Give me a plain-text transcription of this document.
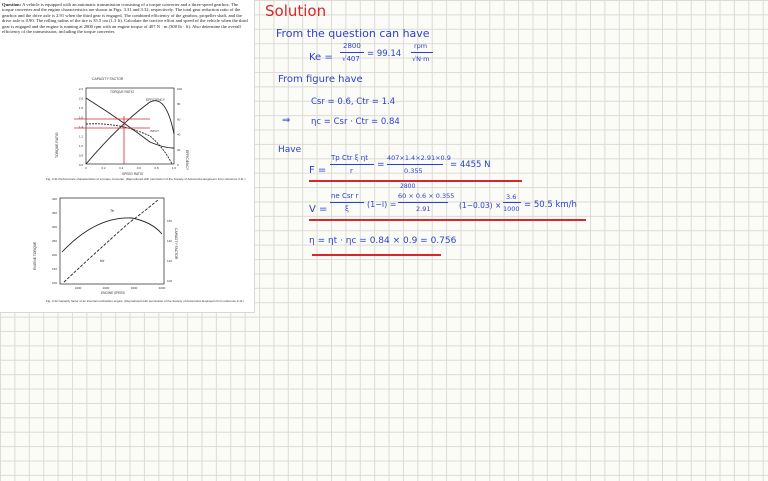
Question: A vehicle is equipped with an automatic transmission consisting of a torque converter and a three-speed gearbox. The torque converter and the engine characteristics are shown in Figs. 3.31 and 3.32, respectively. The total gear reduction ratio of the gearbox and the drive axle is 2.91 when the third gear is engaged. The combined efficiency of the gearbox, propeller shaft, and the drive axle is 0.90. The rolling radius of the tire is 35.5 cm (1.3 ft). Calculate the tractive effort and speed of the vehicle when the third gear is engaged and the engine is running at 2800 rpm with an engine torque of 407 N · m (300 lb · ft). Also determine the overall efficiency of the transmission, including the torque converter.
CAPACITY FACTOR
TORQUE RATIO
EFFICIENCY
INPUT
TORQUE RATIO
EFFICIENCY
2.2
2.0
1.8
1.6
1.4
1.2
1.0
0.8
0.6
100
80
60
40
20
0
0	0.2	0.4	0.6	0.8	1.0
SPEED RATIO
Fig. 3.31 Performance characteristics of a torque converter. (Reproduced with permission of the Society of Automotive Engineers from reference 3.11.)
ENGINE TORQUE	CAPACITY FACTOR
400
350
300
250
200
150
100
160
140
120
100
1000	2000	3000	4000
Te
Ke
ENGINE SPEED
Fig. 3.32 Capacity factor of an internal combustion engine. (Reproduced with permission of the Society of Automotive Engineers from reference 3.11.)
Solution
From the question can have
Ke =
2800
√407 = 99.14
rpm
√N·m
From figure have
Csr = 0.6, Ctr = 1.4
⇒ ηc = Csr · Ctr = 0.84
Have
F =
Tp Ctr ξ ηt
r
=
407×1.4×2.91×0.9
0.355
= 4455 N
V =
ne Csr r
ξ (1−i) =
2800
60 × 0.6 × 0.355
2.91	(1−0.03) ×
3.6
1000 = 50.5 km/h
η = ηt · ηc = 0.84 × 0.9 = 0.756
